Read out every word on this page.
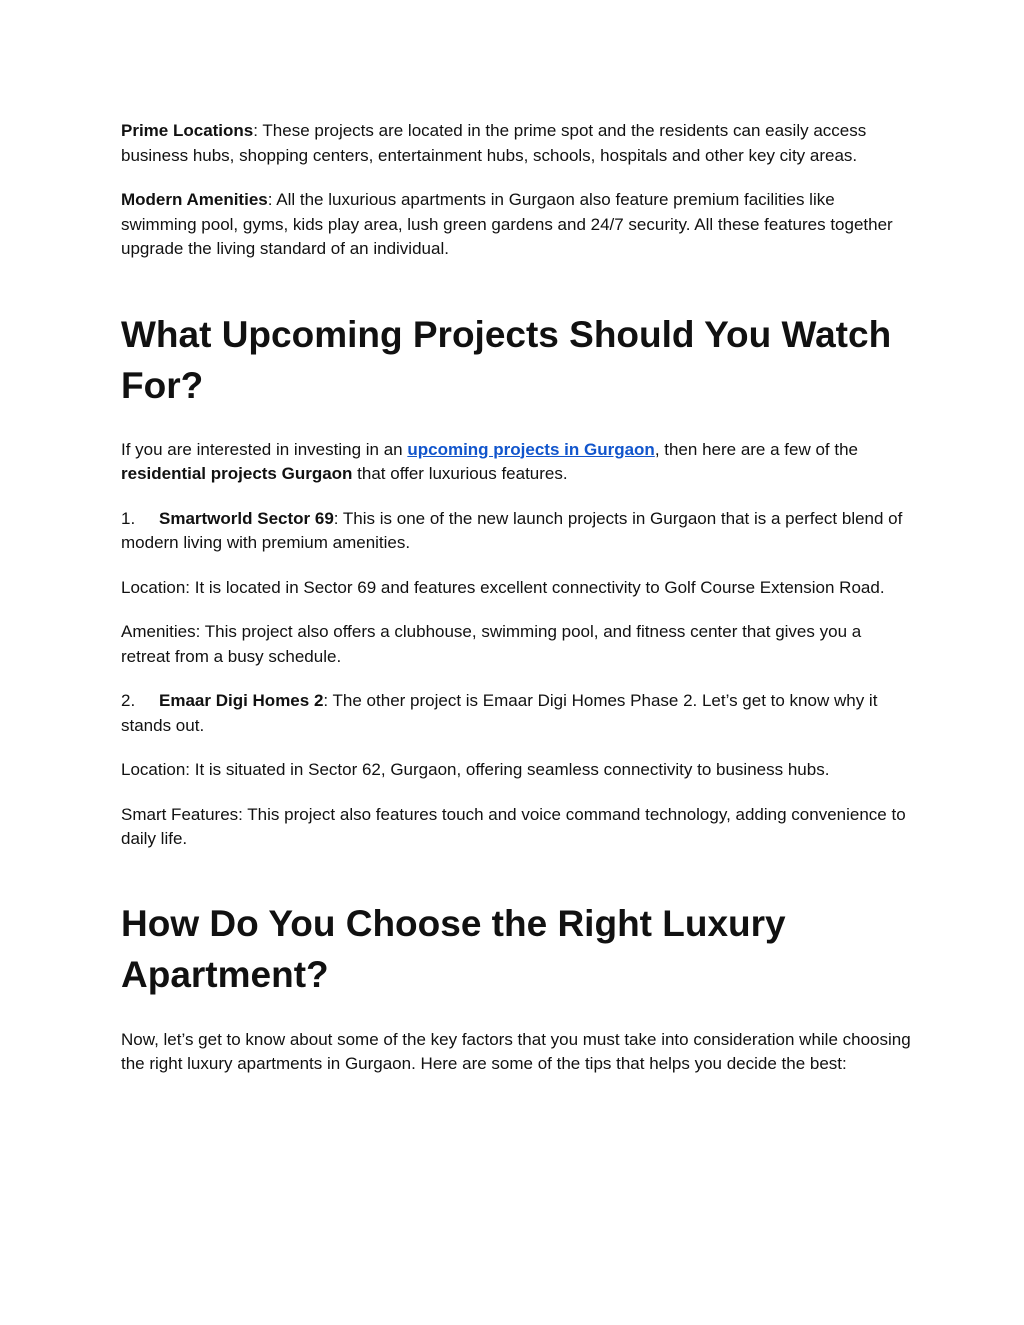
Prime Locations: These projects are located in the prime spot and the residents can easily access business hubs, shopping centers, entertainment hubs, schools, hospitals and other key city areas.

Modern Amenities: All the luxurious apartments in Gurgaon also feature premium facilities like swimming pool, gyms, kids play area, lush green gardens and 24/7 security. All these features together upgrade the living standard of an individual.

What Upcoming Projects Should You Watch For?

If you are interested in investing in an upcoming projects in Gurgaon, then here are a few of the residential projects Gurgaon that offer luxurious features.

1. Smartworld Sector 69: This is one of the new launch projects in Gurgaon that is a perfect blend of modern living with premium amenities.

Location: It is located in Sector 69 and features excellent connectivity to Golf Course Extension Road.

Amenities: This project also offers a clubhouse, swimming pool, and fitness center that gives you a retreat from a busy schedule.

2. Emaar Digi Homes 2: The other project is Emaar Digi Homes Phase 2. Let’s get to know why it stands out.

Location: It is situated in Sector 62, Gurgaon, offering seamless connectivity to business hubs.

Smart Features: This project also features touch and voice command technology, adding convenience to daily life.

How Do You Choose the Right Luxury Apartment?

Now, let’s get to know about some of the key factors that you must take into consideration while choosing the right luxury apartments in Gurgaon. Here are some of the tips that helps you decide the best:
